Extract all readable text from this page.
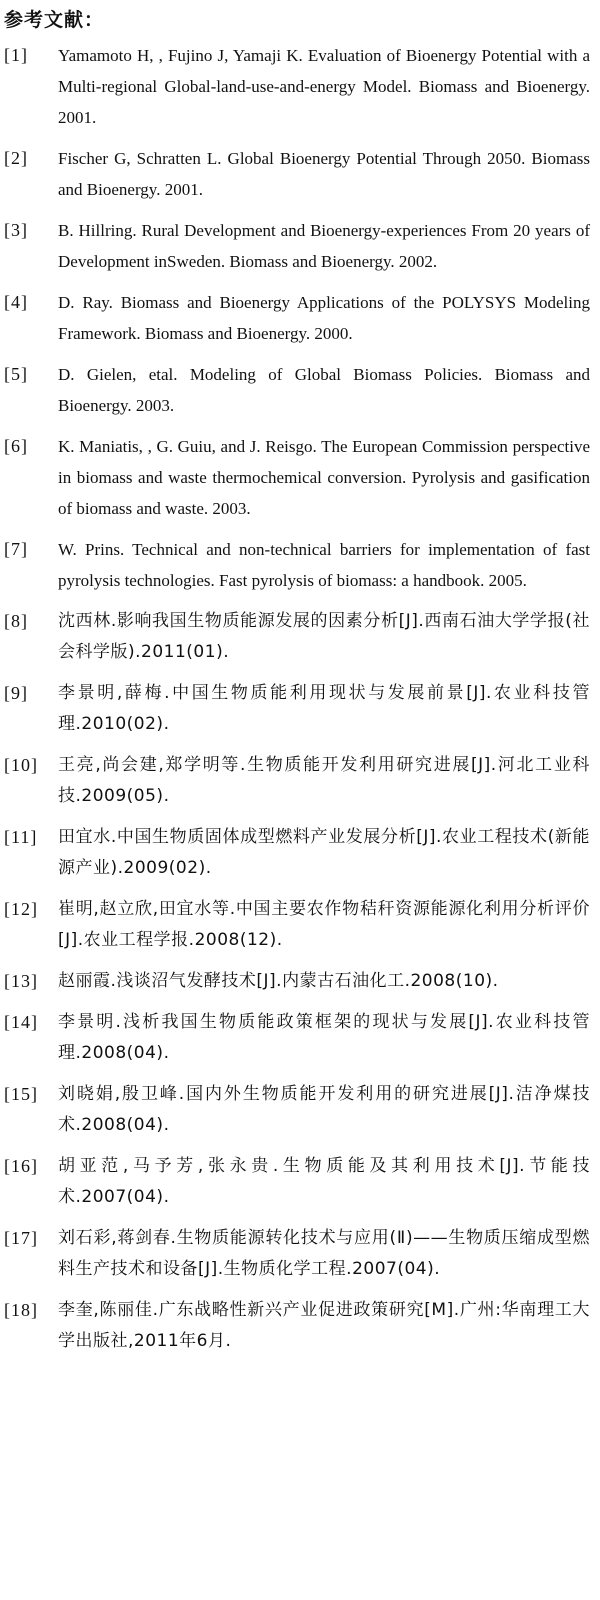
参考文献：
[1]	Yamamoto H, , Fujino J, Yamaji K. Evaluation of Bioenergy Potential with a Multi-regional Global-land-use-and-energy Model. Biomass and Bioenergy. 2001.
[2]	Fischer G, Schratten L. Global Bioenergy Potential Through 2050. Biomass and Bioenergy. 2001.
[3]	B. Hillring. Rural Development and Bioenergy-experiences From 20 years of Development inSweden. Biomass and Bioenergy. 2002.
[4]	D. Ray. Biomass and Bioenergy Applications of the POLYSYS Modeling Framework. Biomass and Bioenergy. 2000.
[5]	D. Gielen, etal. Modeling of Global Biomass Policies. Biomass and Bioenergy. 2003.
[6]	K. Maniatis, , G. Guiu, and J. Reisgo. The European Commission perspective in biomass and waste thermochemical conversion. Pyrolysis and gasification of biomass and waste. 2003.
[7]	W. Prins. Technical and non-technical barriers for implementation of fast pyrolysis technologies. Fast pyrolysis of biomass: a handbook. 2005.
[8]	沈西林.影响我国生物质能源发展的因素分析[J].西南石油大学学报(社会科学版).2011(01).
[9]	李景明,薛梅.中国生物质能利用现状与发展前景[J].农业科技管理.2010(02).
[10]	王亮,尚会建,郑学明等.生物质能开发利用研究进展[J].河北工业科技.2009(05).
[11]	田宜水.中国生物质固体成型燃料产业发展分析[J].农业工程技术(新能源产业).2009(02).
[12]	崔明,赵立欣,田宜水等.中国主要农作物秸秆资源能源化利用分析评价[J].农业工程学报.2008(12).
[13]	赵丽霞.浅谈沼气发酵技术[J].内蒙古石油化工.2008(10).
[14]	李景明.浅析我国生物质能政策框架的现状与发展[J].农业科技管理.2008(04).
[15]	刘晓娟,殷卫峰.国内外生物质能开发利用的研究进展[J].洁净煤技术.2008(04).
[16]	胡亚范,马予芳,张永贵.生物质能及其利用技术[J].节能技术.2007(04).
[17]	刘石彩,蒋剑春.生物质能源转化技术与应用(Ⅱ)——生物质压缩成型燃料生产技术和设备[J].生物质化学工程.2007(04).
[18]	李奎,陈丽佳.广东战略性新兴产业促进政策研究[M].广州:华南理工大学出版社,2011年6月.
